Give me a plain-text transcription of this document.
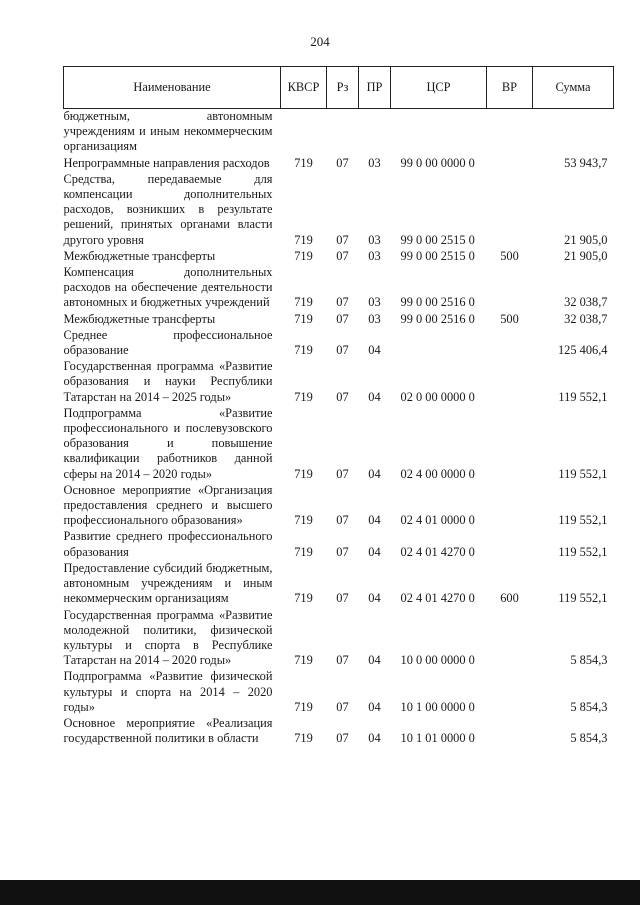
204
Наименование	КВСР	Рз	ПР	ЦСР	ВР	Сумма
бюджетным, автономным учреждениям и иным некоммерческим организациям						
Непрограммные направления расходов	719	07	03	99 0 00 0000 0		53 943,7
Средства, передаваемые для компенсации дополнительных расходов, возникших в результате решений, принятых органами власти другого уровня	719	07	03	99 0 00 2515 0		21 905,0
Межбюджетные трансферты	719	07	03	99 0 00 2515 0	500	21 905,0
Компенсация дополнительных расходов на обеспечение деятельности автономных и бюджетных учреждений	719	07	03	99 0 00 2516 0		32 038,7
Межбюджетные трансферты	719	07	03	99 0 00 2516 0	500	32 038,7
Среднее профессиональное образование	719	07	04			125 406,4
Государственная программа «Развитие образования и науки Республики Татарстан на 2014 – 2025 годы»	719	07	04	02 0 00 0000 0		119 552,1
Подпрограмма «Развитие профессионального и послевузовского образования и повышение квалификации работников данной сферы на 2014 – 2020 годы»	719	07	04	02 4 00 0000 0		119 552,1
Основное мероприятие «Организация предоставления среднего и высшего профессионального образования»	719	07	04	02 4 01 0000 0		119 552,1
Развитие среднего профессионального образования	719	07	04	02 4 01 4270 0		119 552,1
Предоставление субсидий бюджетным, автономным учреждениям и иным некоммерческим организациям	719	07	04	02 4 01 4270 0	600	119 552,1
Государственная программа «Развитие молодежной политики, физической культуры и спорта в Республике Татарстан на 2014 – 2020 годы»	719	07	04	10 0 00 0000 0		5 854,3
Подпрограмма «Развитие физической культуры и спорта на 2014 – 2020 годы»	719	07	04	10 1 00 0000 0		5 854,3
Основное мероприятие «Реализация государственной политики в области	719	07	04	10 1 01 0000 0		5 854,3
